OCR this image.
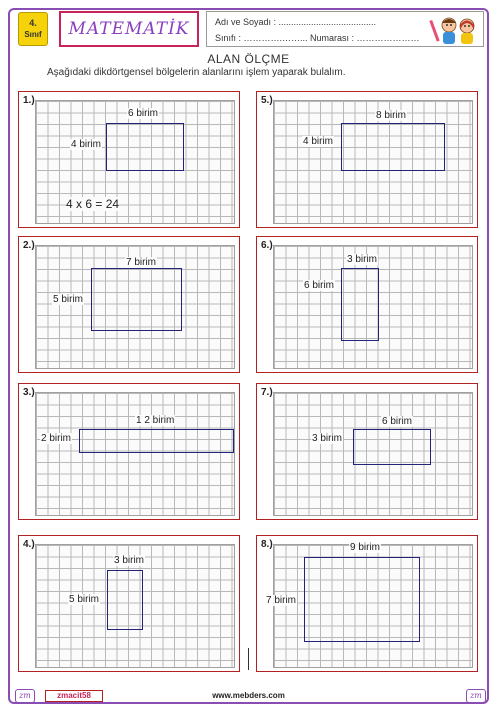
4.
Sınıf	MATEMATİK	Adı ve Soyadı : .......................................
Sınıfı : ………….……... Numarası : …………………
ALAN ÖLÇME
Aşağıdaki dikdörtgensel bölgelerin alanlarını işlem yaparak bulalım.
1.)
6 birim
4 birim
4 x 6 = 24
2.)
7 birim
5 birim
3.)
1 2 birim
2 birim
4.)
3 birim
5 birim
5.)
8 birim
4 birim
6.)
3 birim
6 birim
7.)
6 birim
3 birim
8.)	9 birim
7 birim
zm	zmacit58	www.mebders.com	zm
